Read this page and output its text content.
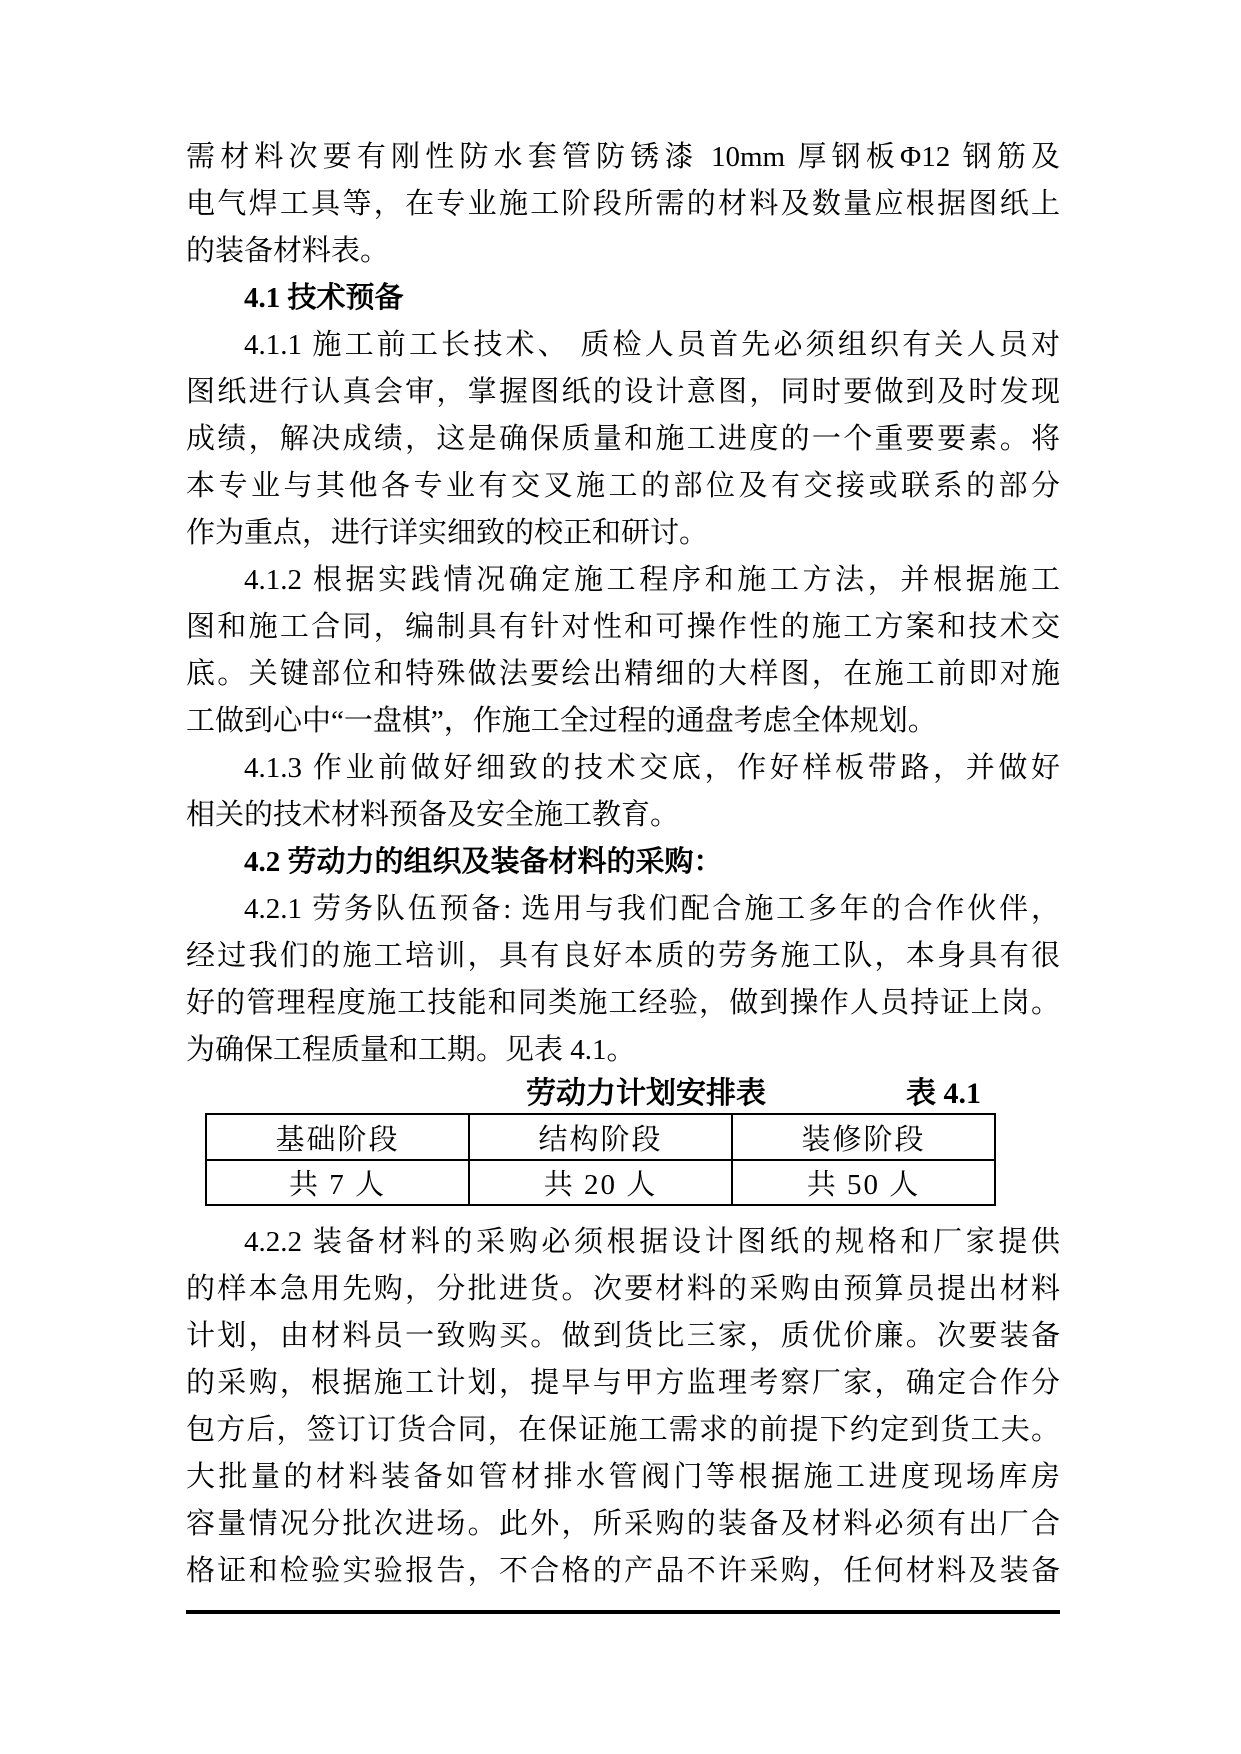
需材料次要有刚性防水套管防锈漆 10mm 厚钢板Φ12 钢筋及
电气焊工具等，在专业施工阶段所需的材料及数量应根据图纸上
的装备材料表。
4.1 技术预备
4.1.1 施工前工长技术、 质检人员首先必须组织有关人员对
图纸进行认真会审，掌握图纸的设计意图，同时要做到及时发现
成绩，解决成绩，这是确保质量和施工进度的一个重要要素。将
本专业与其他各专业有交叉施工的部位及有交接或联系的部分
作为重点，进行详实细致的校正和研讨。
4.1.2 根据实践情况确定施工程序和施工方法，并根据施工
图和施工合同，编制具有针对性和可操作性的施工方案和技术交
底。关键部位和特殊做法要绘出精细的大样图，在施工前即对施
工做到心中“一盘棋”，作施工全过程的通盘考虑全体规划。
4.1.3 作业前做好细致的技术交底，作好样板带路，并做好
相关的技术材料预备及安全施工教育。
4.2 劳动力的组织及装备材料的采购：
4.2.1 劳务队伍预备: 选用与我们配合施工多年的合作伙伴，
经过我们的施工培训，具有良好本质的劳务施工队，本身具有很
好的管理程度施工技能和同类施工经验，做到操作人员持证上岗。
为确保工程质量和工期。见表 4.1。
劳动力计划安排表	表 4.1
基础阶段	结构阶段	装修阶段
共 7 人	共 20 人	共 50 人
4.2.2 装备材料的采购必须根据设计图纸的规格和厂家提供
的样本急用先购，分批进货。次要材料的采购由预算员提出材料
计划，由材料员一致购买。做到货比三家，质优价廉。次要装备
的采购，根据施工计划，提早与甲方监理考察厂家，确定合作分
包方后，签订订货合同，在保证施工需求的前提下约定到货工夫。
大批量的材料装备如管材排水管阀门等根据施工进度现场库房
容量情况分批次进场。此外，所采购的装备及材料必须有出厂合
格证和检验实验报告，不合格的产品不许采购，任何材料及装备
